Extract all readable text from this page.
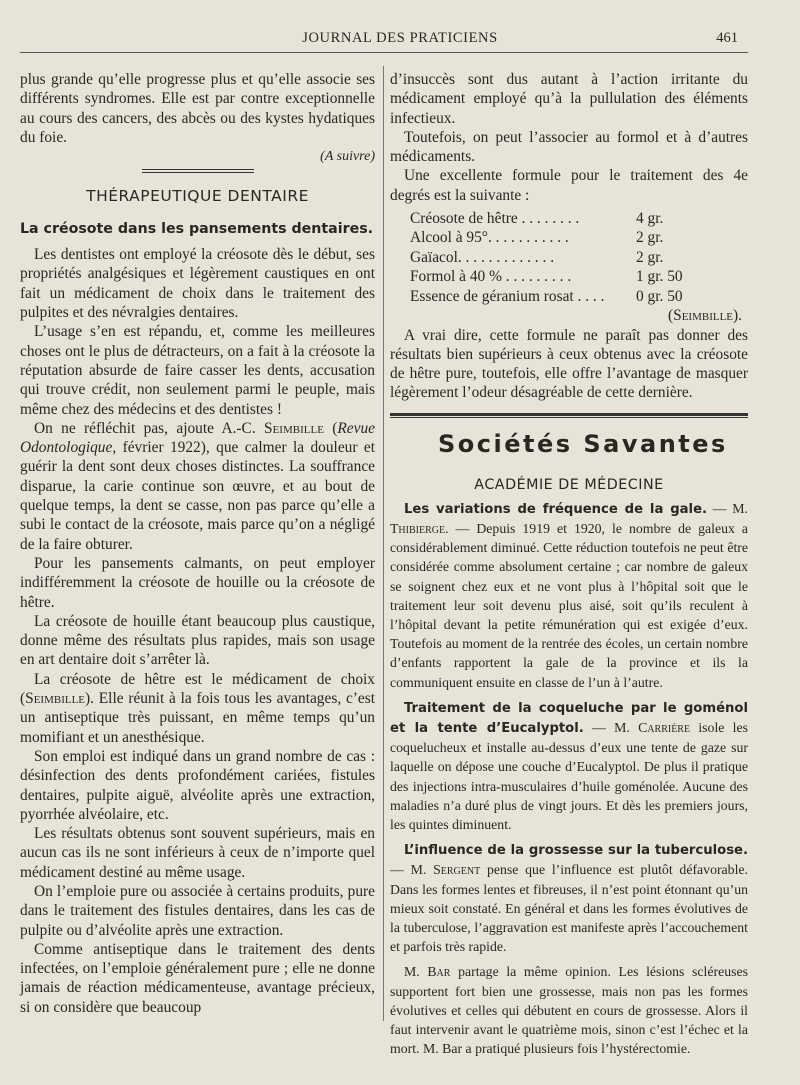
JOURNAL DES PRATICIENS	461

plus grande qu’elle progresse plus et qu’elle associe ses différents syndromes. Elle est par contre exceptionnelle au cours des cancers, des abcès ou des kystes hydatiques du foie.

(A suivre)
THÉRAPEUTIQUE DENTAIRE
La créosote dans les pansements dentaires.

Les dentistes ont employé la créosote dès le début, ses propriétés analgésiques et légèrement caustiques en ont fait un médicament de choix dans le traitement des pulpites et des névralgies dentaires.

L’usage s’en est répandu, et, comme les meilleures choses ont le plus de détracteurs, on a fait à la créosote la réputation absurde de faire casser les dents, accusation qui trouve crédit, non seulement parmi le peuple, mais même chez des médecins et des dentistes !

On ne réfléchit pas, ajoute A.-C. Seimbille (Revue Odontologique, février 1922), que calmer la douleur et guérir la dent sont deux choses distinctes. La souffrance disparue, la carie continue son œuvre, et au bout de quelque temps, la dent se casse, non pas parce qu’elle a subi le contact de la créosote, mais parce qu’on a négligé de la faire obturer.

Pour les pansements calmants, on peut employer indifféremment la créosote de houille ou la créosote de hêtre.

La créosote de houille étant beaucoup plus caustique, donne même des résultats plus rapides, mais son usage en art dentaire doit s’arrêter là.

La créosote de hêtre est le médicament de choix (Seimbille). Elle réunit à la fois tous les avantages, c’est un antiseptique très puissant, en même temps qu’un momifiant et un anesthésique.

Son emploi est indiqué dans un grand nombre de cas : désinfection des dents profondément cariées, fistules dentaires, pulpite aiguë, alvéolite après une extraction, pyorrhée alvéolaire, etc.

Les résultats obtenus sont souvent supérieurs, mais en aucun cas ils ne sont inférieurs à ceux de n’importe quel médicament destiné au même usage.

On l’emploie pure ou associée à certains produits, pure dans le traitement des fistules dentaires, dans les cas de pulpite ou d’alvéolite après une extraction.

Comme antiseptique dans le traitement des dents infectées, on l’emploie généralement pure ; elle ne donne jamais de réaction médicamenteuse, avantage précieux, si on considère que beaucoup

d’insuccès sont dus autant à l’action irritante du médicament employé qu’à la pullulation des éléments infectieux.

Toutefois, on peut l’associer au formol et à d’autres médicaments.

Une excellente formule pour le traitement des 4e degrés est la suivante :

Créosote de hêtre . . . . . . . .	4 gr.
Alcool à 95°. . . . . . . . . . .	2 gr.
Gaïacol. . . . . . . . . . . . .	2 gr.
Formol à 40 % . . . . . . . . .	1 gr. 50
Essence de géranium rosat . . . .	0 gr. 50
(Seimbille).

A vrai dire, cette formule ne paraît pas donner des résultats bien supérieurs à ceux obtenus avec la créosote de hêtre pure, toutefois, elle offre l’avantage de masquer légèrement l’odeur désagréable de cette dernière.

Sociétés Savantes
ACADÉMIE DE MÉDECINE

Les variations de fréquence de la gale. — M. Thibierge. — Depuis 1919 et 1920, le nombre de galeux a considérablement diminué. Cette réduction toutefois ne peut être considérée comme absolument certaine ; car nombre de galeux se soignent chez eux et ne vont plus à l’hôpital soit que le traitement leur soit devenu plus aisé, soit qu’ils reculent à l’hôpital devant la petite rémunération qui est exigée d’eux. Toutefois au moment de la rentrée des écoles, un certain nombre d’enfants rapportent la gale de la province et ils la communiquent ensuite en classe de l’un à l’autre.

Traitement de la coqueluche par le goménol et la tente d’Eucalyptol. — M. Carrière isole les coquelucheux et installe au-dessus d’eux une tente de gaze sur laquelle on dépose une couche d’Eucalyptol. De plus il pratique des injections intra-musculaires d’huile goménolée. Aucune des maladies n’a duré plus de vingt jours. Et dès les premiers jours, les quintes diminuent.

L’influence de la grossesse sur la tuberculose. — M. Sergent pense que l’influence est plutôt défavorable. Dans les formes lentes et fibreuses, il n’est point étonnant qu’un mieux soit constaté. En général et dans les formes évolutives de la tuberculose, l’aggravation est manifeste après l’accouchement et parfois très rapide.

M. Bar partage la même opinion. Les lésions scléreuses supportent fort bien une grossesse, mais non pas les formes évolutives et celles qui débutent en cours de grossesse. Alors il faut intervenir avant le quatrième mois, sinon c’est l’échec et la mort. M. Bar a pratiqué plusieurs fois l’hystérectomie.
